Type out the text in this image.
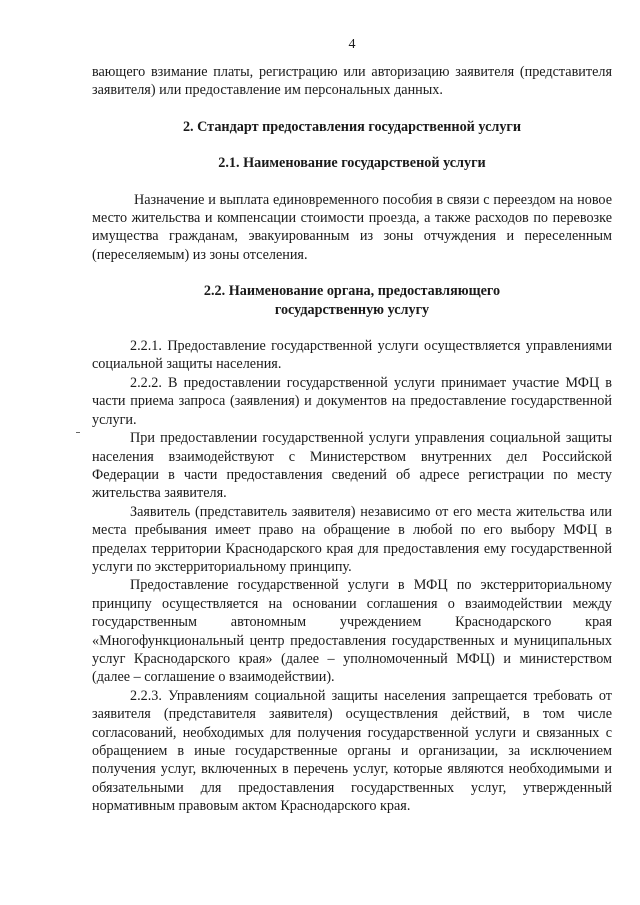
4

вающего взимание платы, регистрацию или авторизацию заявителя (представителя заявителя) или предоставление им персональных данных.

2. Стандарт предоставления государственной услуги
2.1. Наименование государственой услуги

Назначение и выплата единовременного пособия в связи с переездом на новое место жительства и компенсации стоимости проезда, а также расходов по перевозке имущества гражданам, эвакуированным из зоны отчуждения и переселенным (переселяемым) из зоны отселения.

2.2. Наименование органа, предоставляющего
государственную услугу

2.2.1. Предоставление государственной услуги осуществляется управлениями социальной защиты населения.

2.2.2. В предоставлении государственной услуги принимает участие МФЦ в части приема запроса (заявления) и документов на предоставление государственной услуги.

При предоставлении государственной услуги управления социальной защиты населения взаимодействуют с Министерством внутренних дел Российской Федерации в части предоставления сведений об адресе регистрации по месту жительства заявителя.

Заявитель (представитель заявителя) независимо от его места жительства или места пребывания имеет право на обращение в любой по его выбору МФЦ в пределах территории Краснодарского края для предоставления ему государственной услуги по экстерриториальному принципу.

Предоставление государственной услуги в МФЦ по экстерриториальному принципу осуществляется на основании соглашения о взаимодействии между государственным автономным учреждением Краснодарского края «Многофункциональный центр предоставления государственных и муниципальных услуг Краснодарского края» (далее – уполномоченный МФЦ) и министерством (далее – соглашение о взаимодействии).

2.2.3. Управлениям социальной защиты населения запрещается требовать от заявителя (представителя заявителя) осуществления действий, в том числе согласований, необходимых для получения государственной услуги и связанных с обращением в иные государственные органы и организации, за исключением получения услуг, включенных в перечень услуг, которые являются необходимыми и обязательными для предоставления государственных услуг, утвержденный нормативным правовым актом Краснодарского края.
